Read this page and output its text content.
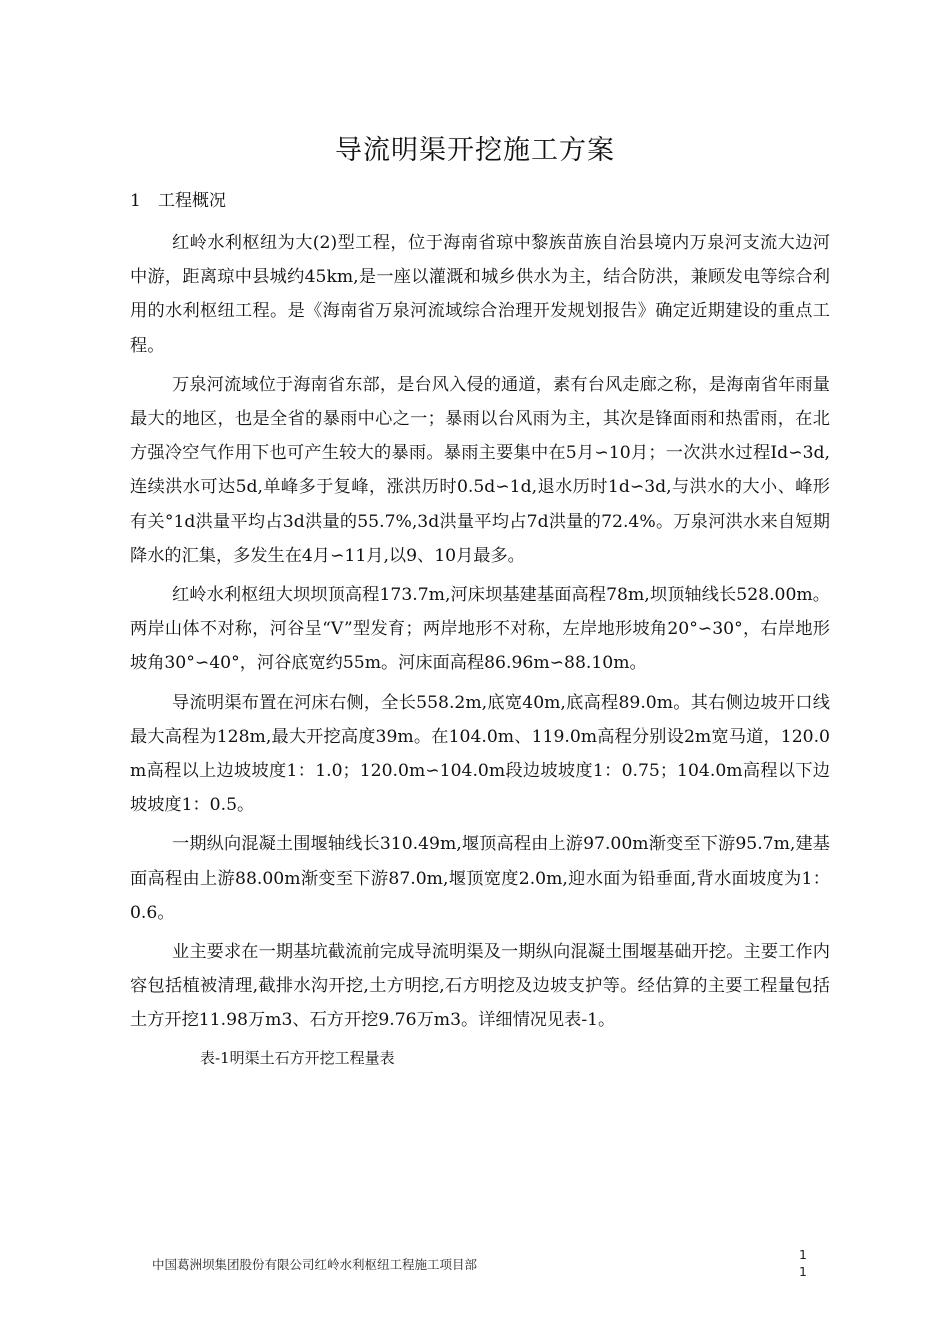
导流明渠开挖施工方案
1 工程概况

红岭水利枢纽为大(2)型工程，位于海南省琼中黎族苗族自治县境内万泉河支流大边河中游，距离琼中县城约45km,是一座以灌溉和城乡供水为主，结合防洪，兼顾发电等综合利用的水利枢纽工程。是《海南省万泉河流域综合治理开发规划报告》确定近期建设的重点工程。

万泉河流域位于海南省东部，是台风入侵的通道，素有台风走廊之称，是海南省年雨量最大的地区，也是全省的暴雨中心之一；暴雨以台风雨为主，其次是锋面雨和热雷雨，在北方强冷空气作用下也可产生较大的暴雨。暴雨主要集中在5月∽10月；一次洪水过程Id∽3d,连续洪水可达5d,单峰多于复峰，涨洪历时0.5d∽1d,退水历时1d∽3d,与洪水的大小、峰形有关°1d洪量平均占3d洪量的55.7%,3d洪量平均占7d洪量的72.4%。万泉河洪水来自短期降水的汇集，多发生在4月∽11月,以9、10月最多。

红岭水利枢纽大坝坝顶高程173.7m,河床坝基建基面高程78m,坝顶轴线长528.00m。两岸山体不对称，河谷呈“V”型发育；两岸地形不对称，左岸地形坡角20°∽30°，右岸地形坡角30°∽40°，河谷底宽约55m。河床面高程86.96m∽88.10m。

导流明渠布置在河床右侧，全长558.2m,底宽40m,底高程89.0m。其右侧边坡开口线最大高程为128m,最大开挖高度39m。在104.0m、119.0m高程分别设2m宽马道，120.0m高程以上边坡坡度1：1.0；120.0m∽104.0m段边坡坡度1：0.75；104.0m高程以下边坡坡度1：0.5。

一期纵向混凝土围堰轴线长310.49m,堰顶高程由上游97.00m渐变至下游95.7m,建基面高程由上游88.00m渐变至下游87.0m,堰顶宽度2.0m,迎水面为铅垂面,背水面坡度为1：0.6。

业主要求在一期基坑截流前完成导流明渠及一期纵向混凝土围堰基础开挖。主要工作内容包括植被清理,截排水沟开挖,土方明挖,石方明挖及边坡支护等。经估算的主要工程量包括土方开挖11.98万m3、石方开挖9.76万m3。详细情况见表-1。

表-1明渠土石方开挖工程量表
中国葛洲坝集团股份有限公司红岭水利枢纽工程施工项目部
1
1
